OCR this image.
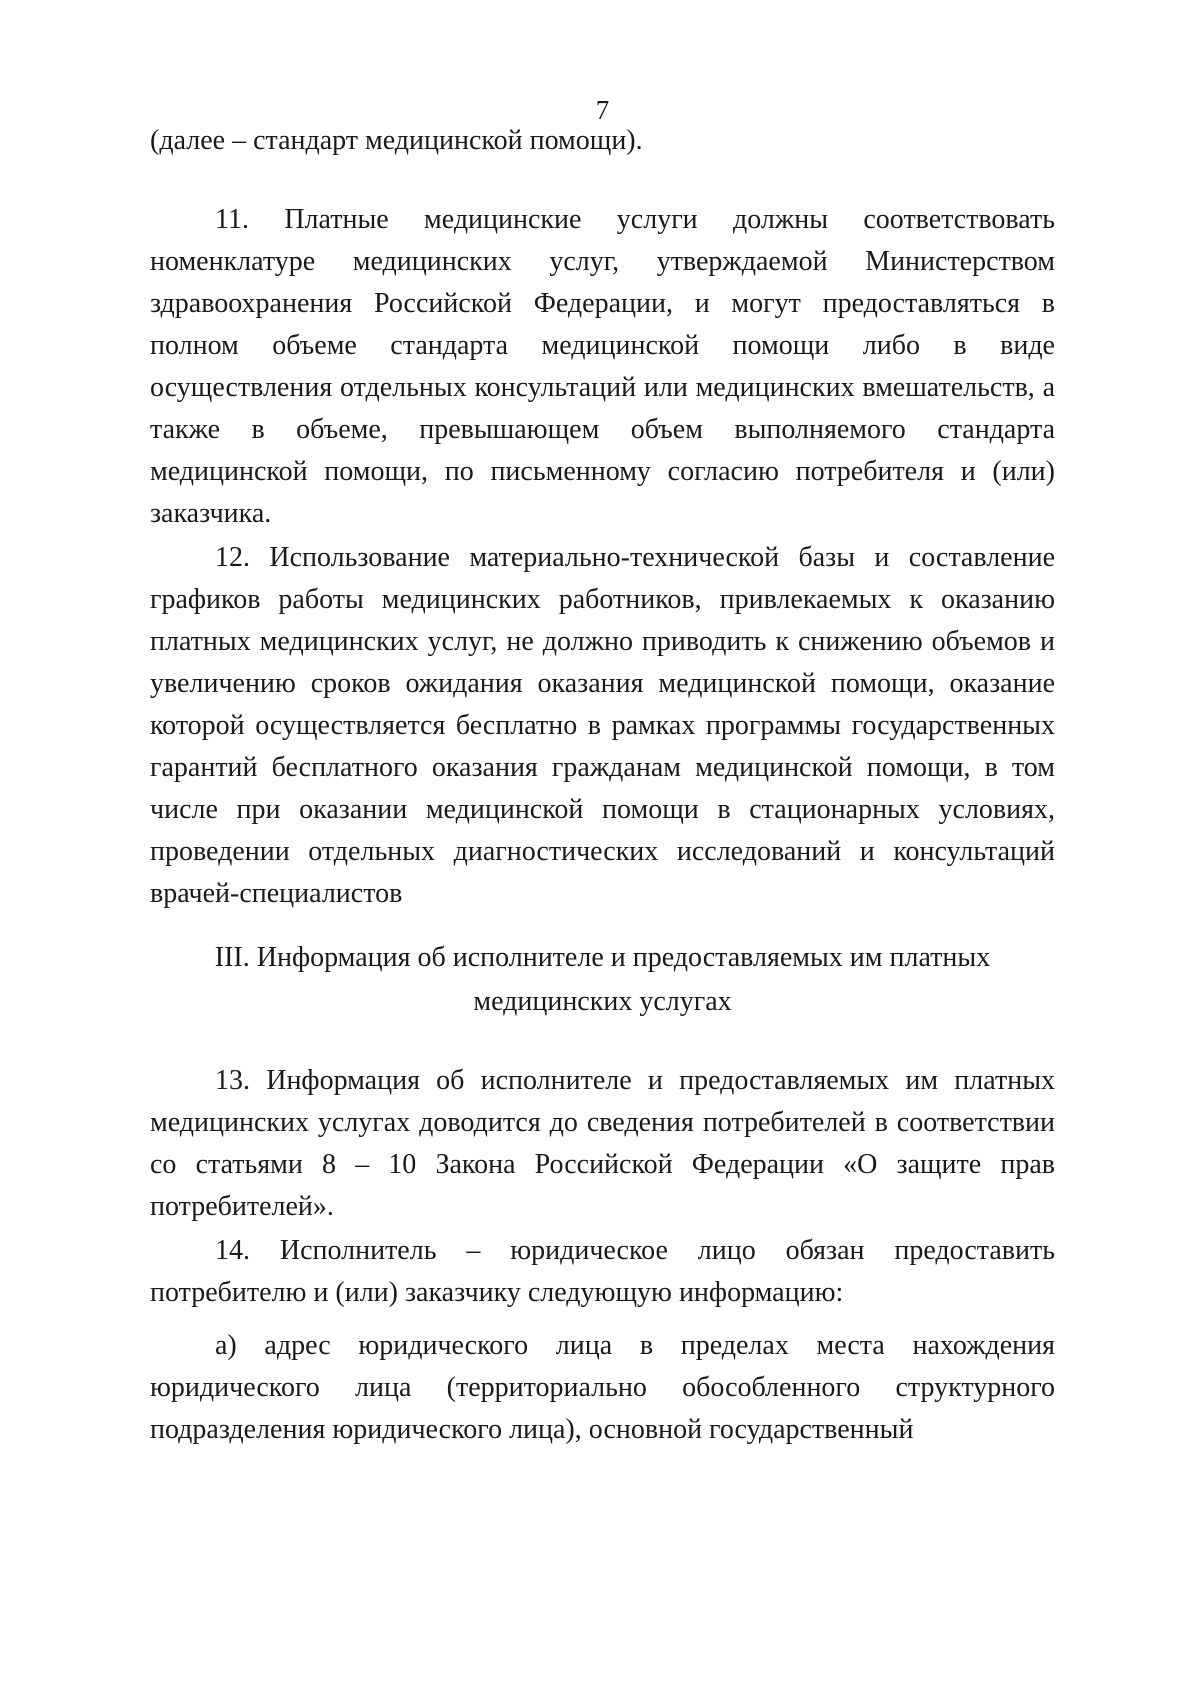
7

(далее – стандарт медицинской помощи).

11. Платные медицинские услуги должны соответствовать номенклатуре медицинских услуг, утверждаемой Министерством здравоохранения Российской Федерации, и могут предоставляться в полном объеме стандарта медицинской помощи либо в виде осуществления отдельных консультаций или медицинских вмешательств, а также в объеме, превышающем объем выполняемого стандарта медицинской помощи, по письменному согласию потребителя и (или) заказчика.

12. Использование материально-технической базы и составление графиков работы медицинских работников, привлекаемых к оказанию платных медицинских услуг, не должно приводить к снижению объемов и увеличению сроков ожидания оказания медицинской помощи, оказание которой осуществляется бесплатно в рамках программы государственных гарантий бесплатного оказания гражданам медицинской помощи, в том числе при оказании медицинской помощи в стационарных условиях, проведении отдельных диагностических исследований и консультаций врачей-специалистов

III. Информация об исполнителе и предоставляемых им платных
медицинских услугах

13. Информация об исполнителе и предоставляемых им платных медицинских услугах доводится до сведения потребителей в соответствии со статьями 8 – 10 Закона Российской Федерации «О защите прав потребителей».

14. Исполнитель – юридическое лицо обязан предоставить потребителю и (или) заказчику следующую информацию:

а) адрес юридического лица в пределах места нахождения юридического лица (территориально обособленного структурного подразделения юридического лица), основной государственный
